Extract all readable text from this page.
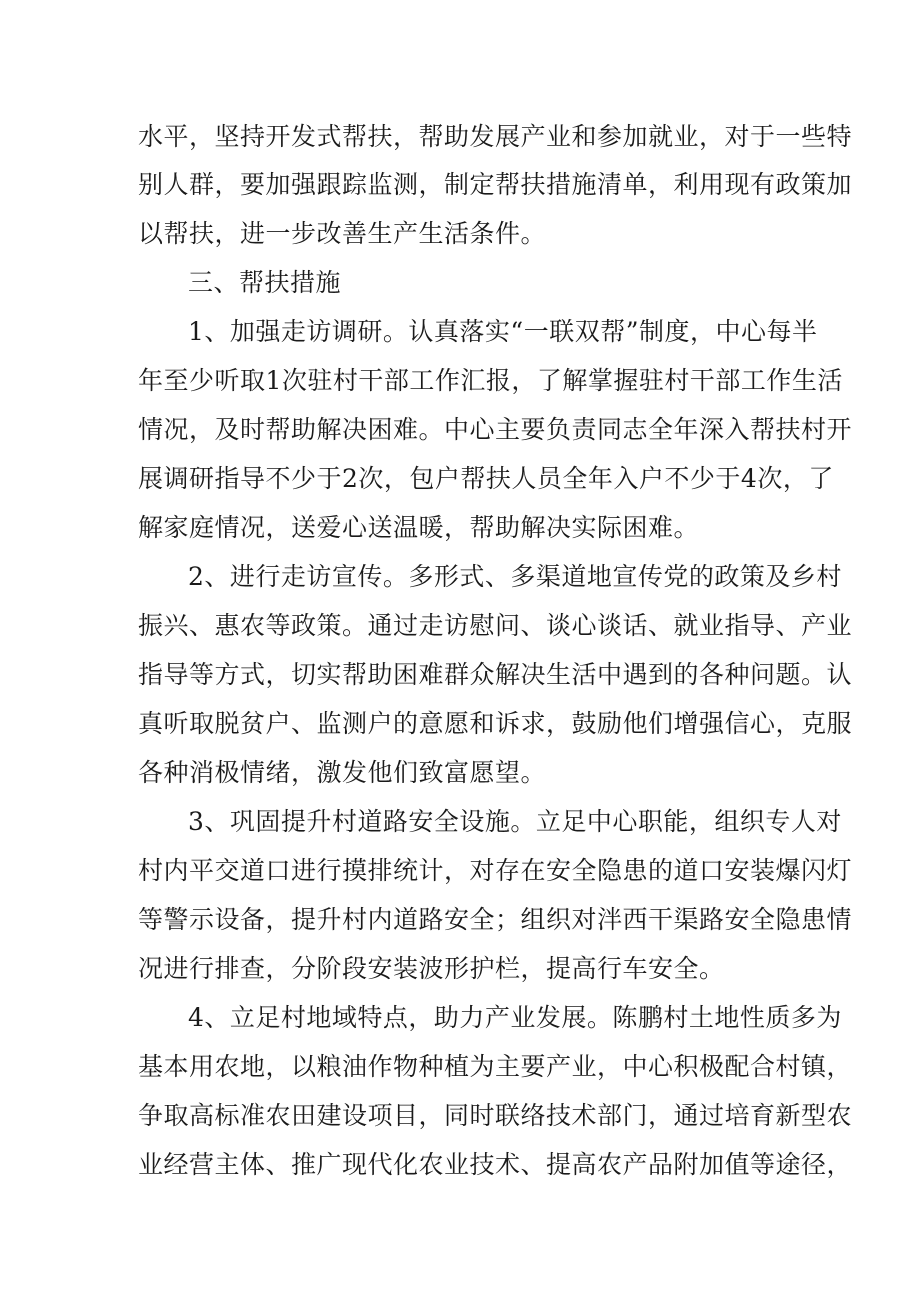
水平，坚持开发式帮扶，帮助发展产业和参加就业，对于一些特
别人群，要加强跟踪监测，制定帮扶措施清单，利用现有政策加
以帮扶，进一步改善生产生活条件。
三、帮扶措施
1、加强走访调研。认真落实“一联双帮”制度，中心每半
年至少听取1次驻村干部工作汇报，了解掌握驻村干部工作生活
情况，及时帮助解决困难。中心主要负责同志全年深入帮扶村开
展调研指导不少于2次，包户帮扶人员全年入户不少于4次，了
解家庭情况，送爱心送温暖，帮助解决实际困难。
2、进行走访宣传。多形式、多渠道地宣传党的政策及乡村
振兴、惠农等政策。通过走访慰问、谈心谈话、就业指导、产业
指导等方式，切实帮助困难群众解决生活中遇到的各种问题。认
真听取脱贫户、监测户的意愿和诉求，鼓励他们增强信心，克服
各种消极情绪，激发他们致富愿望。
3、巩固提升村道路安全设施。立足中心职能，组织专人对
村内平交道口进行摸排统计，对存在安全隐患的道口安装爆闪灯
等警示设备，提升村内道路安全；组织对泮西干渠路安全隐患情
况进行排查，分阶段安装波形护栏，提高行车安全。
4、立足村地域特点，助力产业发展。陈鹏村土地性质多为
基本用农地，以粮油作物种植为主要产业，中心积极配合村镇，
争取高标准农田建设项目，同时联络技术部门，通过培育新型农
业经营主体、推广现代化农业技术、提高农产品附加值等途径，
